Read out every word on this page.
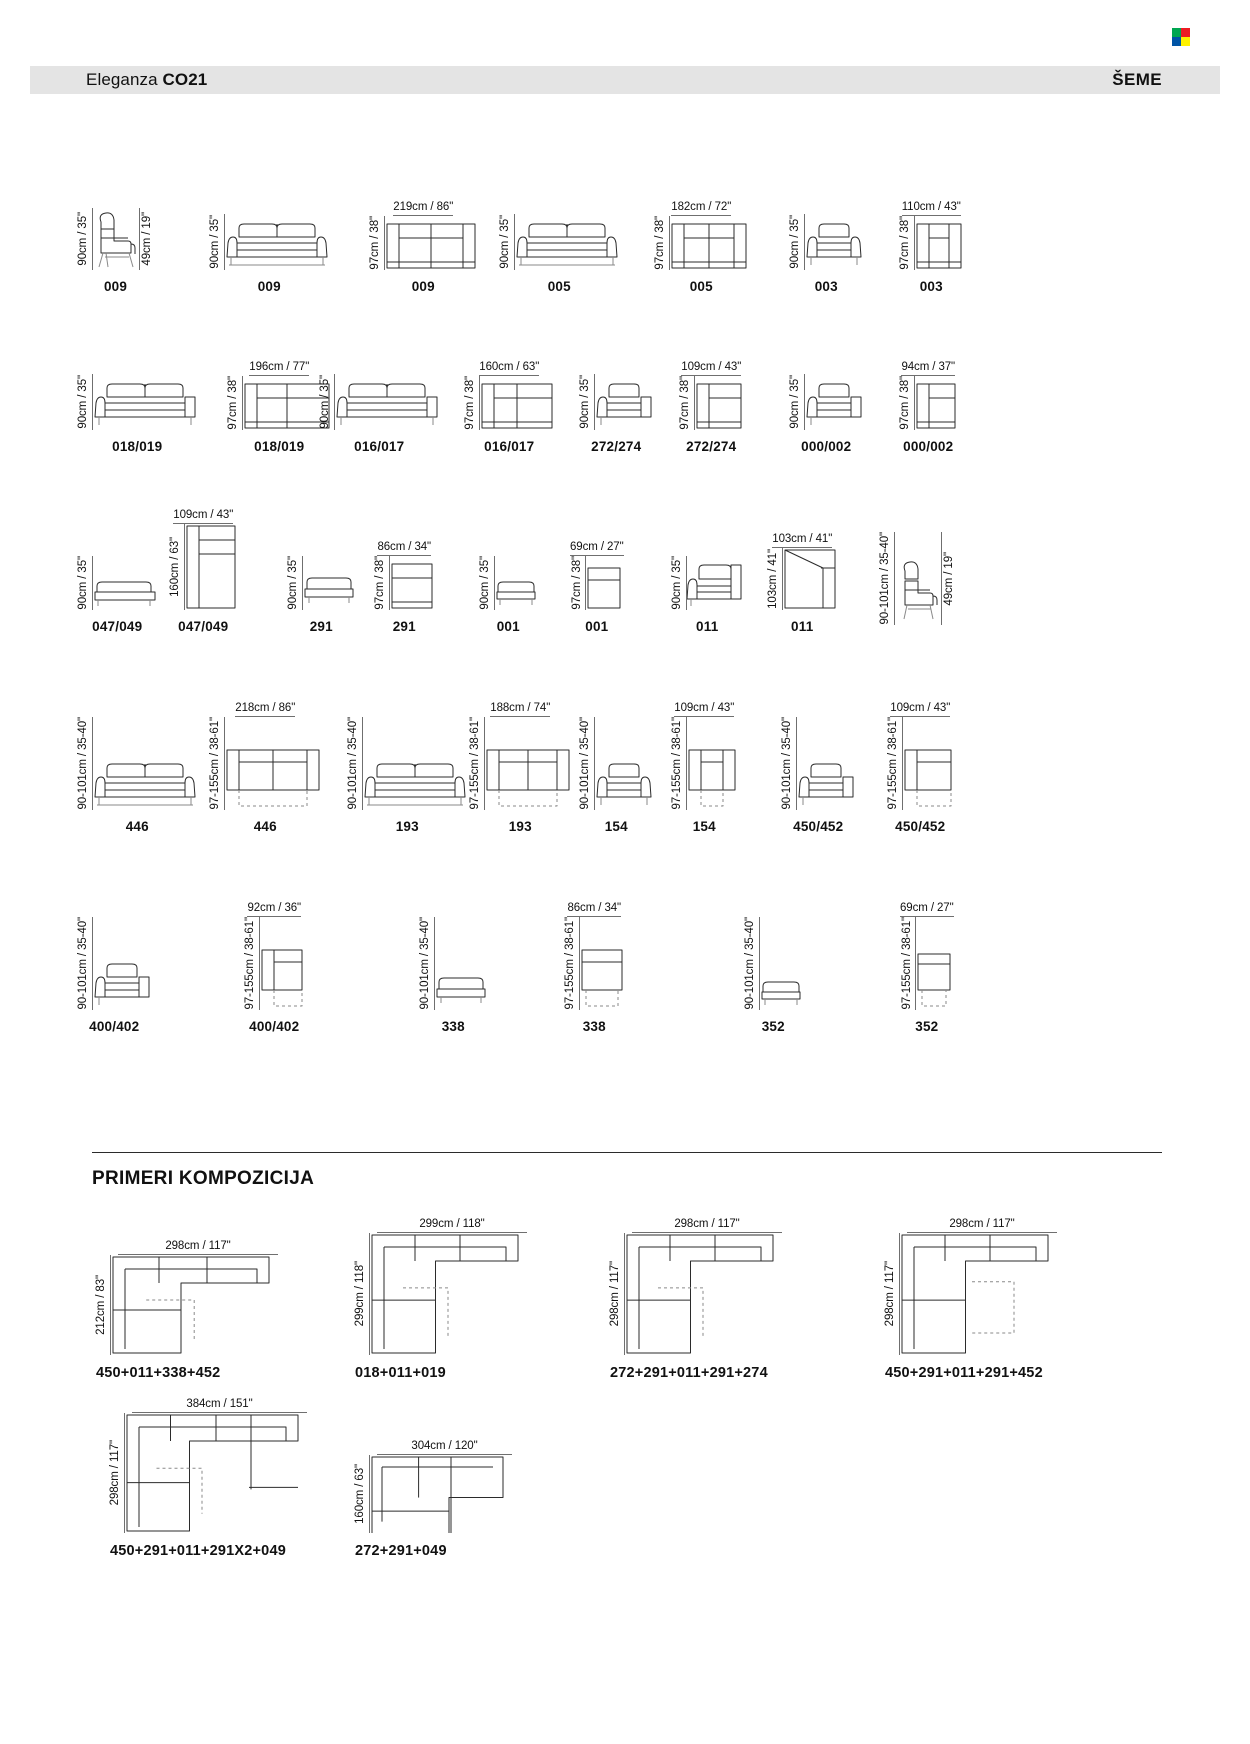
Eleganza CO21	ŠEME
90cm / 35"	49cm / 19"
009
90cm / 35"
009
219cm / 86"
97cm / 38"
009
90cm / 35"
005
182cm / 72"
97cm / 38"
005
90cm / 35"
003
110cm / 43"
97cm / 38"
003
90cm / 35"
018/019
196cm / 77"
97cm / 38"
018/019
90cm / 35"
016/017
160cm / 63"
97cm / 38"
016/017
90cm / 35"
272/274
109cm / 43"
97cm / 38"
272/274
90cm / 35"
000/002
94cm / 37"
97cm / 38"
000/002
90cm / 35"
047/049
109cm / 43"
160cm / 63"
047/049
90cm / 35"
291
86cm / 34"
97cm / 38"
291
90cm / 35"
001
69cm / 27"
97cm / 38"
001
90cm / 35"
011
103cm / 41"
103cm / 41"
011
90-101cm / 35-40"	49cm / 19"
90-101cm / 35-40"
446
218cm / 86"
97-155cm / 38-61"
446
90-101cm / 35-40"
193
188cm / 74"
97-155cm / 38-61"
193
90-101cm / 35-40"
154
109cm / 43"
97-155cm / 38-61"
154
90-101cm / 35-40"
450/452
109cm / 43"
97-155cm / 38-61"
450/452
90-101cm / 35-40"
400/402
92cm / 36"
97-155cm / 38-61"
400/402
90-101cm / 35-40"
338
86cm / 34"
97-155cm / 38-61"
338
90-101cm / 35-40"
352
69cm / 27"
97-155cm / 38-61"
352
PRIMERI KOMPOZICIJA
298cm / 117"
212cm / 83"
450+011+338+452
299cm / 118"
299cm / 118"
018+011+019
298cm / 117"
298cm / 117"
272+291+011+291+274
298cm / 117"
298cm / 117"
450+291+011+291+452
384cm / 151"
298cm / 117"
450+291+011+291X2+049
304cm / 120"
160cm / 63"
272+291+049
